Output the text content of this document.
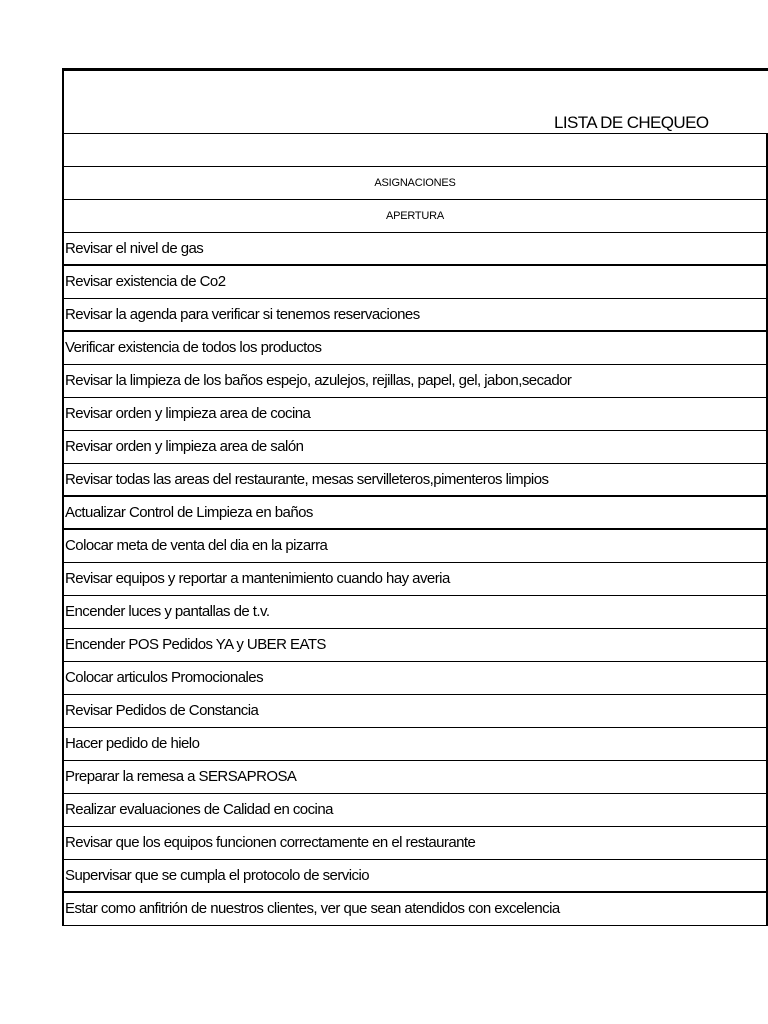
LISTA DE CHEQUEO
ASIGNACIONES
APERTURA
Revisar el nivel de gas
Revisar existencia de Co2
Revisar la agenda para verificar si tenemos reservaciones
Verificar existencia de todos los productos
Revisar la limpieza de los baños espejo, azulejos, rejillas, papel, gel, jabon,secador
Revisar orden y limpieza area de cocina
Revisar orden y limpieza area de salón
Revisar todas las areas del restaurante, mesas servilleteros,pimenteros limpios
Actualizar Control de Limpieza en baños
Colocar meta de venta del dia en la pizarra
Revisar equipos y reportar a mantenimiento cuando hay averia
Encender luces y pantallas de t.v.
Encender POS Pedidos YA y UBER EATS
Colocar articulos Promocionales
Revisar Pedidos de Constancia
Hacer pedido de hielo
Preparar la remesa a SERSAPROSA
Realizar evaluaciones de Calidad en cocina
Revisar que los equipos funcionen correctamente en el restaurante
Supervisar que se cumpla el protocolo de servicio
Estar como anfitrión de nuestros clientes, ver que sean atendidos con excelencia
